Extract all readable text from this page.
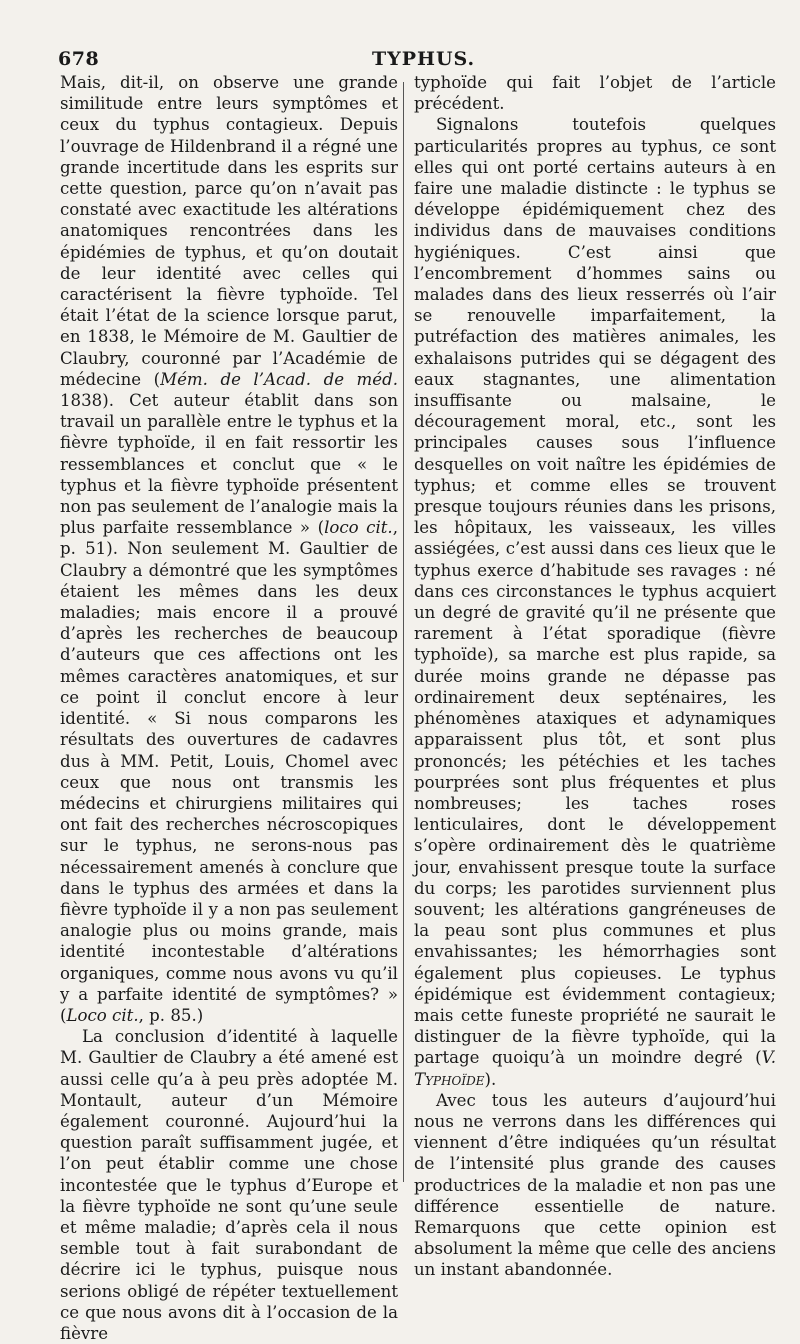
678	TYPHUS.

Mais, dit-il, on observe une grande similitude entre leurs symptômes et ceux du typhus contagieux. Depuis l’ouvrage de Hildenbrand il a régné une grande incertitude dans les esprits sur cette question, parce qu’on n’avait pas constaté avec exactitude les altérations anatomiques rencontrées dans les épidémies de typhus, et qu’on doutait de leur identité avec celles qui caractérisent la fièvre typhoïde. Tel était l’état de la science lorsque parut, en 1838, le Mémoire de M. Gaultier de Claubry, couronné par l’Académie de médecine (Mém. de l’Acad. de méd. 1838). Cet auteur établit dans son travail un parallèle entre le typhus et la fièvre typhoïde, il en fait ressortir les ressemblances et conclut que « le typhus et la fièvre typhoïde présentent non pas seulement de l’analogie mais la plus parfaite ressemblance » (loco cit., p. 51). Non seulement M. Gaultier de Claubry a démontré que les symptômes étaient les mêmes dans les deux maladies; mais encore il a prouvé d’après les recherches de beaucoup d’auteurs que ces affections ont les mêmes caractères anatomiques, et sur ce point il conclut encore à leur identité. « Si nous comparons les résultats des ouvertures de cadavres dus à MM. Petit, Louis, Chomel avec ceux que nous ont transmis les médecins et chirurgiens militaires qui ont fait des recherches nécroscopiques sur le typhus, ne serons-nous pas nécessairement amenés à conclure que dans le typhus des armées et dans la fièvre typhoïde il y a non pas seulement analogie plus ou moins grande, mais identité incontestable d’altérations organiques, comme nous avons vu qu’il y a parfaite identité de symptômes? » (Loco cit., p. 85.)

La conclusion d’identité à laquelle M. Gaultier de Claubry a été amené est aussi celle qu’a à peu près adoptée M. Montault, auteur d’un Mémoire également couronné. Aujourd’hui la question paraît suffisamment jugée, et l’on peut établir comme une chose incontestée que le typhus d’Europe et la fièvre typhoïde ne sont qu’une seule et même maladie; d’après cela il nous semble tout à fait surabondant de décrire ici le typhus, puisque nous serions obligé de répéter textuellement ce que nous avons dit à l’occasion de la fièvre

typhoïde qui fait l’objet de l’article précédent.

Signalons toutefois quelques particularités propres au typhus, ce sont elles qui ont porté certains auteurs à en faire une maladie distincte : le typhus se développe épidémiquement chez des individus dans de mauvaises conditions hygiéniques. C’est ainsi que l’encombrement d’hommes sains ou malades dans des lieux resserrés où l’air se renouvelle imparfaitement, la putréfaction des matières animales, les exhalaisons putrides qui se dégagent des eaux stagnantes, une alimentation insuffisante ou malsaine, le découragement moral, etc., sont les principales causes sous l’influence desquelles on voit naître les épidémies de typhus; et comme elles se trouvent presque toujours réunies dans les prisons, les hôpitaux, les vaisseaux, les villes assiégées, c’est aussi dans ces lieux que le typhus exerce d’habitude ses ravages : né dans ces circonstances le typhus acquiert un degré de gravité qu’il ne présente que rarement à l’état sporadique (fièvre typhoïde), sa marche est plus rapide, sa durée moins grande ne dépasse pas ordinairement deux septénaires, les phénomènes ataxiques et adynamiques apparaissent plus tôt, et sont plus prononcés; les pétéchies et les taches pourprées sont plus fréquentes et plus nombreuses; les taches roses lenticulaires, dont le développement s’opère ordinairement dès le quatrième jour, envahissent presque toute la surface du corps; les parotides surviennent plus souvent; les altérations gangréneuses de la peau sont plus communes et plus envahissantes; les hémorrhagies sont également plus copieuses. Le typhus épidémique est évidemment contagieux; mais cette funeste propriété ne saurait le distinguer de la fièvre typhoïde, qui la partage quoiqu’à un moindre degré (V. Typhoïde).

Avec tous les auteurs d’aujourd’hui nous ne verrons dans les différences qui viennent d’être indiquées qu’un résultat de l’intensité plus grande des causes productrices de la maladie et non pas une différence essentielle de nature. Remarquons que cette opinion est absolument la même que celle des anciens un instant abandonnée.
